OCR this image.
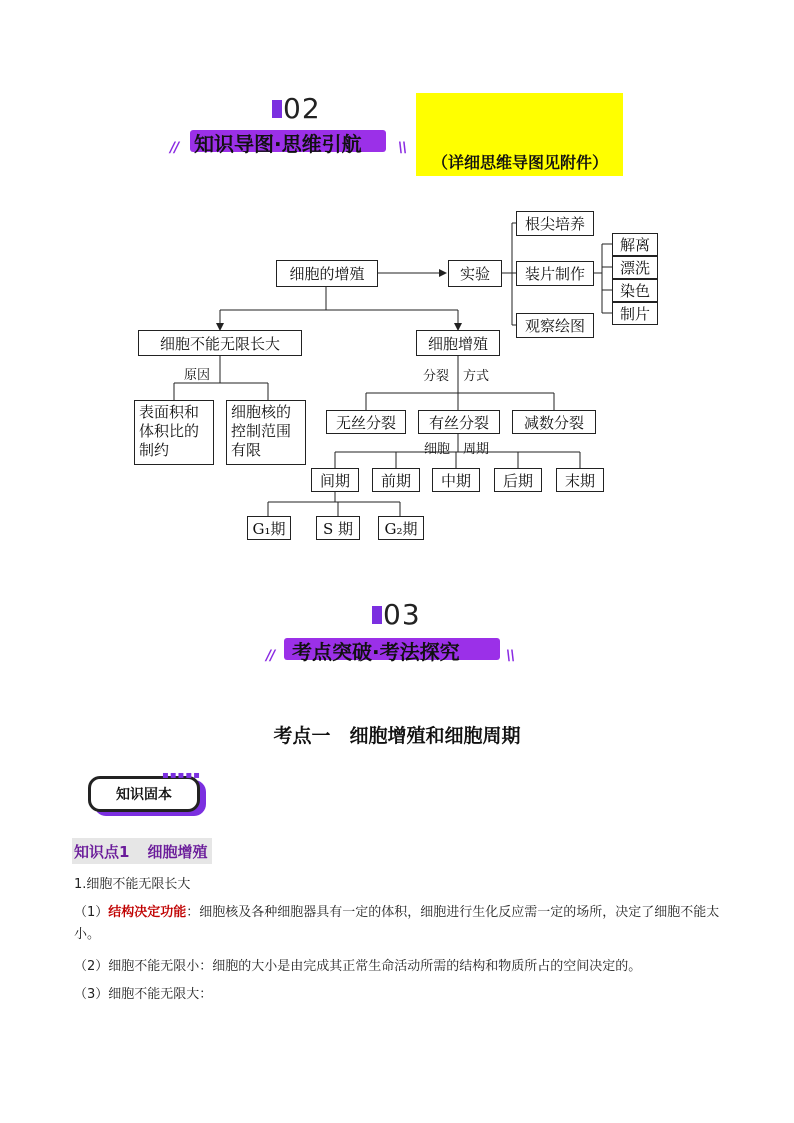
02
知识导图·思维引航
//	\\
（详细思维导图见附件）
细胞的增殖	实验
根尖培养
装片制作
观察绘图
解离
漂洗
染色
制片
细胞不能无限长大
原因
表面积和体积比的制约
细胞核的控制范围有限
细胞增殖
分裂 方式
无丝分裂	有丝分裂	减数分裂
细胞 周期
间期	前期	中期	后期	末期
G₁期	S 期	G₂期
03
考点突破·考法探究
//	\\
考点一　细胞增殖和细胞周期
知识固本
▪▪▪▪▪
知识点1 细胞增殖
1.细胞不能无限长大
（1）结构决定功能：细胞核及各种细胞器具有一定的体积，细胞进行生化反应需一定的场所，决定了细胞不能太小。
（2）细胞不能无限小：细胞的大小是由完成其正常生命活动所需的结构和物质所占的空间决定的。
（3）细胞不能无限大：
